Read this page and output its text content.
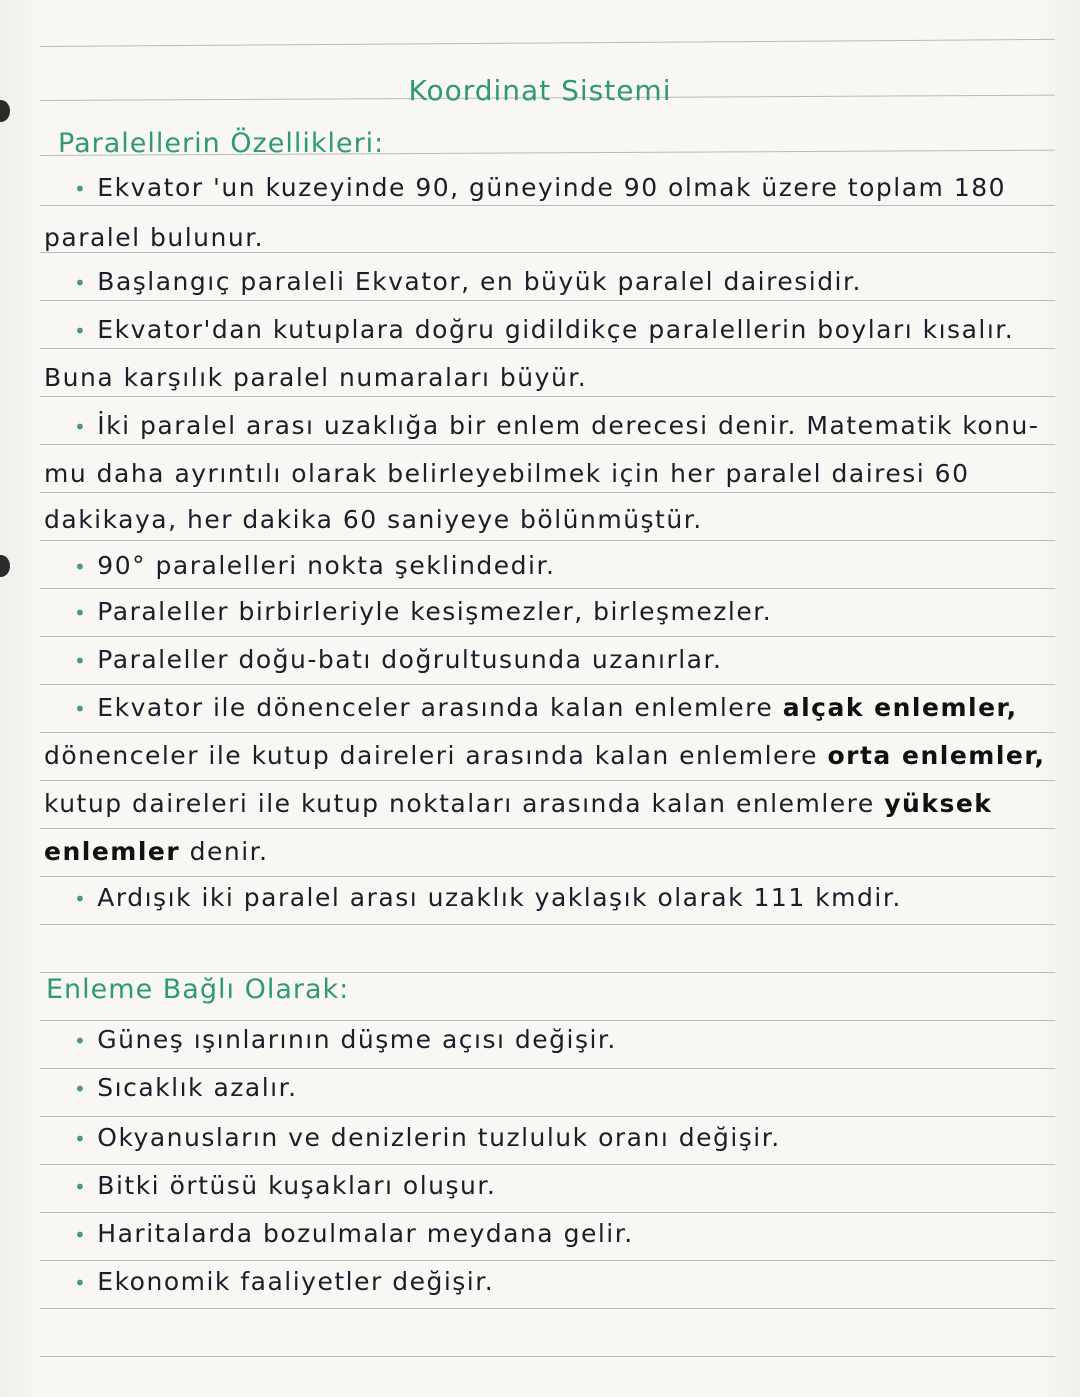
Koordinat Sistemi
Paralellerin Özellikleri:
• Ekvator 'un kuzeyinde 90, güneyinde 90 olmak üzere toplam 180
paralel bulunur.
• Başlangıç paraleli Ekvator, en büyük paralel dairesidir.
• Ekvator'dan kutuplara doğru gidildikçe paralellerin boyları kısalır.
Buna karşılık paralel numaraları büyür.
• İki paralel arası uzaklığa bir enlem derecesi denir. Matematik konu-
mu daha ayrıntılı olarak belirleyebilmek için her paralel dairesi 60
dakikaya, her dakika 60 saniyeye bölünmüştür.
• 90° paralelleri nokta şeklindedir.
• Paraleller birbirleriyle kesişmezler, birleşmezler.
• Paraleller doğu-batı doğrultusunda uzanırlar.
• Ekvator ile dönenceler arasında kalan enlemlere alçak enlemler,
dönenceler ile kutup daireleri arasında kalan enlemlere orta enlemler,
kutup daireleri ile kutup noktaları arasında kalan enlemlere yüksek
enlemler denir.
• Ardışık iki paralel arası uzaklık yaklaşık olarak 111 kmdir.
Enleme Bağlı Olarak:
• Güneş ışınlarının düşme açısı değişir.
• Sıcaklık azalır.
• Okyanusların ve denizlerin tuzluluk oranı değişir.
• Bitki örtüsü kuşakları oluşur.
• Haritalarda bozulmalar meydana gelir.
• Ekonomik faaliyetler değişir.
